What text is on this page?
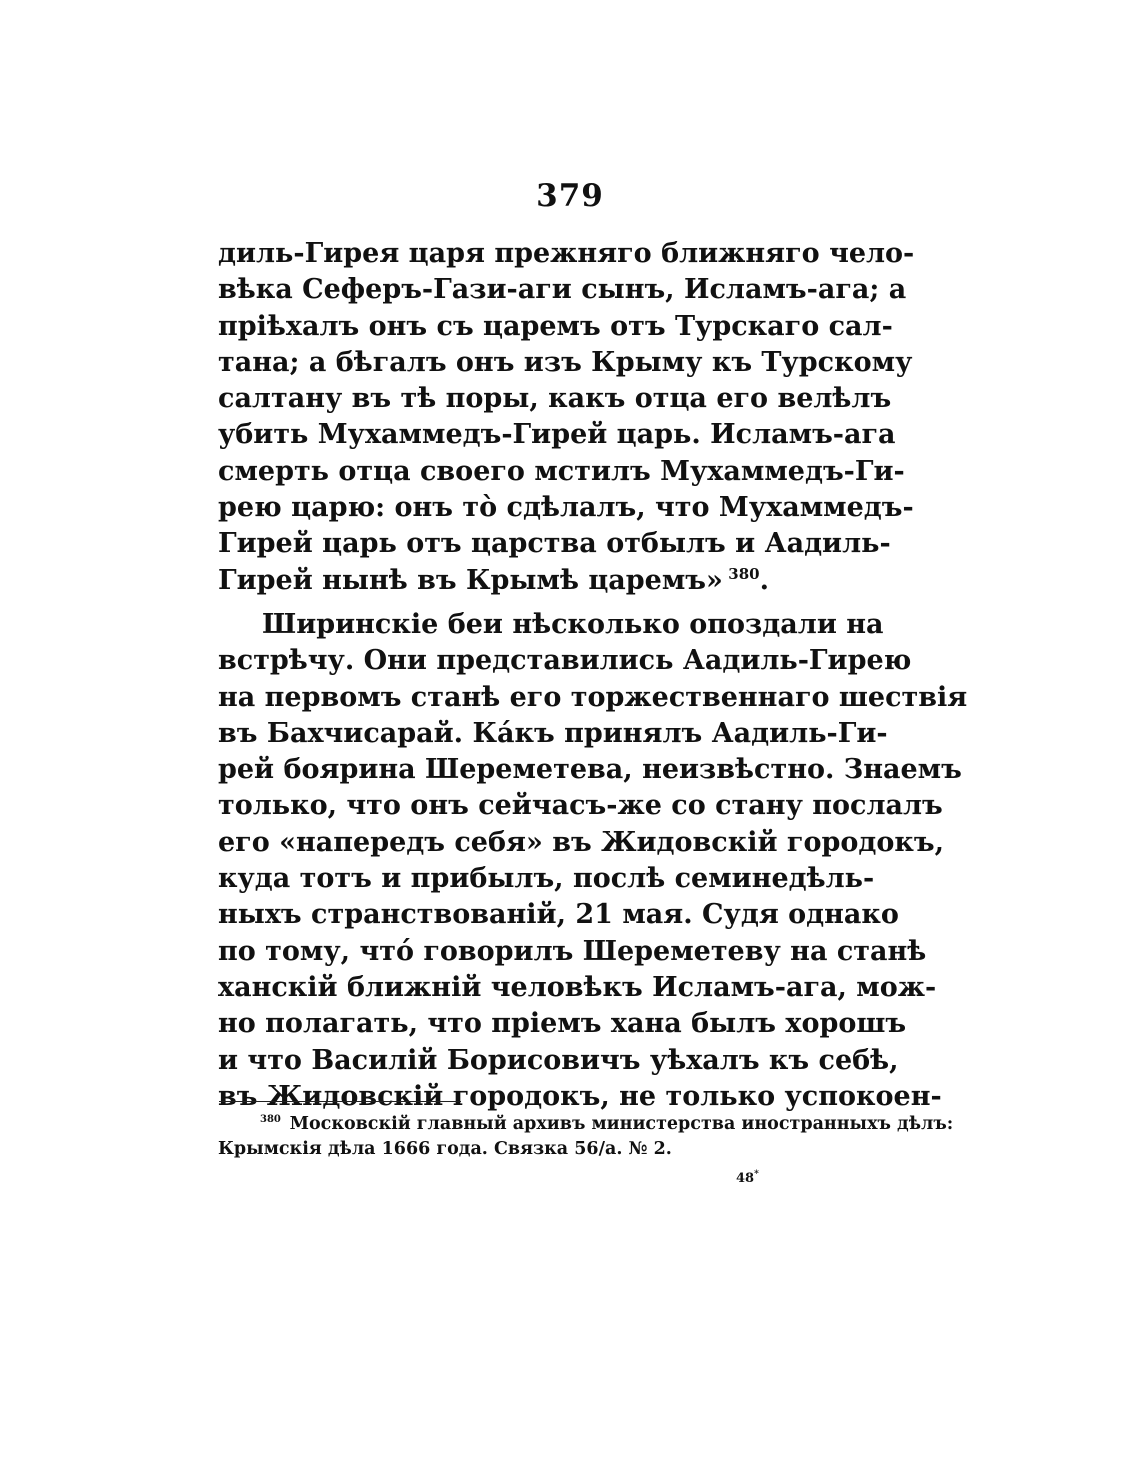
379
диль-Гирея царя прежняго ближняго чело-
вѣка Сеферъ-Гази-аги сынъ, Исламъ-ага; а
пріѣхалъ онъ съ царемъ отъ Турскаго сал-
тана; а бѣгалъ онъ изъ Крыму къ Турскому
салтану въ тѣ поры, какъ отца его велѣлъ
убить Мухаммедъ-Гирей царь. Исламъ-ага
смерть отца своего мстилъ Мухаммедъ-Ги-
рею царю: онъ то̀ сдѣлалъ, что Мухаммедъ-
Гирей царь отъ царства отбылъ и Аадиль-
Гирей нынѣ въ Крымѣ царемъ»  $^{380}$.
Ширинскіе беи нѣсколько опоздали на
встрѣчу. Они представились Аадиль-Гирею
на первомъ станѣ его торжественнаго шествія
въ Бахчисарай. Ка́къ принялъ Аадиль-Ги-
рей боярина Шереметева, неизвѣстно. Знаемъ
только, что онъ сейчасъ-же со стану послалъ
его «напередъ себя» въ Жидовскій городокъ,
куда тотъ и прибылъ, послѣ семинедѣль-
ныхъ странствованій, 21 мая. Судя однако
по тому, что́ говорилъ Шереметеву на станѣ
ханскій ближній человѣкъ Исламъ-ага, мож-
но полагать, что пріемъ хана былъ хорошъ
и что Василій Борисовичъ уѣхалъ къ себѣ,
въ Жидовскій городокъ, не только успокоен-
$^{380}$  Московскій главный архивъ министерства иностранныхъ дѣлъ:
Крымскія дѣла 1666 года. Связка 56/а. № 2.
48*
